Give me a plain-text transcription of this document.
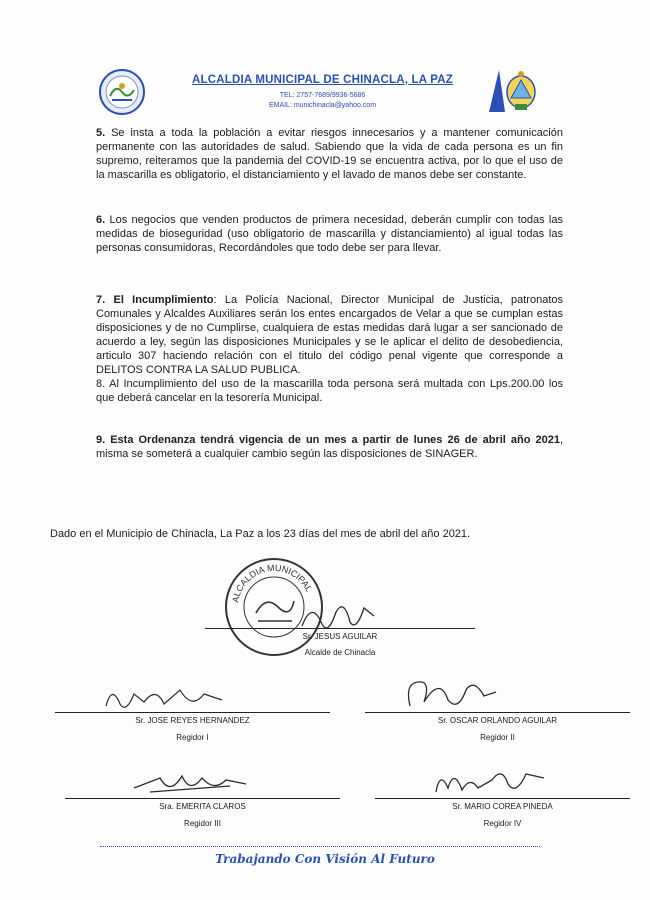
ALCALDIA MUNICIPAL DE CHINACLA, LA PAZ
TEL: 2757-7689/9936-5686
EMAIL: munichinacla@yahoo.com

5. Se insta a toda la población a evitar riesgos innecesarios y a mantener comunicación permanente con las autoridades de salud. Sabiendo que la vida de cada persona es un fin supremo, reiteramos que la pandemia del COVID-19 se encuentra activa, por lo que el uso de la mascarilla es obligatorio, el distanciamiento y el lavado de manos debe ser constante.

6. Los negocios que venden productos de primera necesidad, deberán cumplir con todas las medidas de bioseguridad (uso obligatorio de mascarilla y distanciamiento) al igual todas las personas consumidoras, Recordándoles que todo debe ser para llevar.

7. El Incumplimiento: La Policía Nacional, Director Municipal de Justicia, patronatos Comunales y Alcaldes Auxiliares serán los entes encargados de Velar a que se cumplan estas disposiciones y de no Cumplirse, cualquiera de estas medidas dará lugar a ser sancionado de acuerdo a ley, según las disposiciones Municipales y se le aplicar el delito de desobediencia, articulo 307 haciendo relación con el titulo del código penal vigente que corresponde a DELITOS CONTRA LA SALUD PUBLICA.

8. Al Incumplimiento del uso de la mascarilla toda persona será multada con Lps.200.00 los que deberá cancelar en la tesorería Municipal.

9. Esta Ordenanza tendrá vigencia de un mes a partir de lunes 26 de abril año 2021, misma se someterá a cualquier cambio según las disposiciones de SINAGER.

Dado en el Municipio de Chinacla, La Paz a los 23 días del mes de abril del año 2021.
ALCALDIA MUNICIPAL
Sr. JESUS AGUILAR
Alcalde de Chinacla
Sr. JOSE REYES HERNANDEZ
Regidor I
Sr. OSCAR ORLANDO AGUILAR
Regidor II
Sra. EMERITA CLAROS
Regidor III
Sr. MARIO COREA PINEDA
Regidor IV
Trabajando Con Visión Al Futuro
